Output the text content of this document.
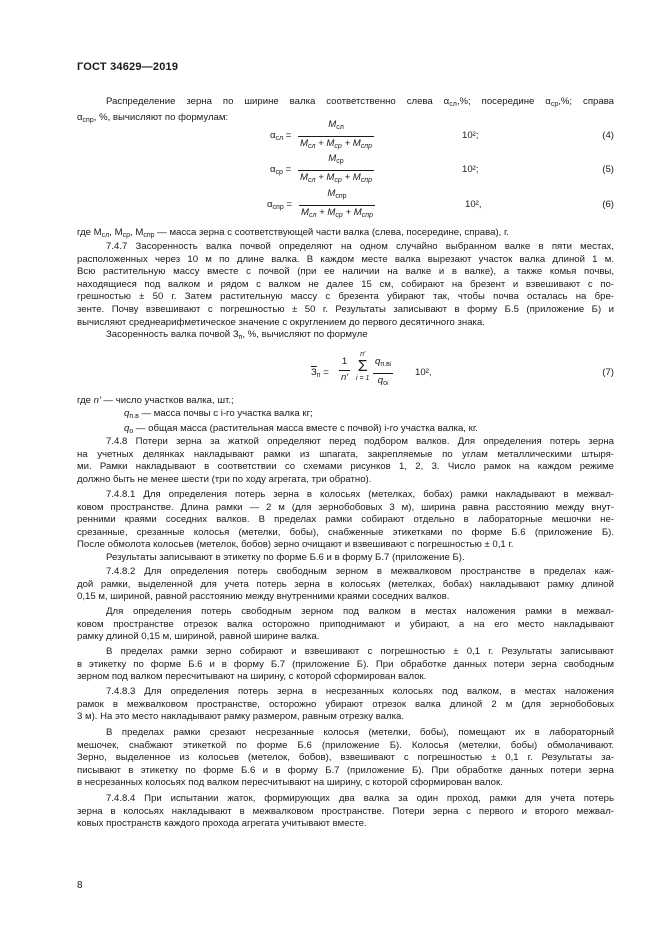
ГОСТ 34629—2019
Распределение зерна по ширине валка соответственно слева $\alpha_{сл},\%$; посередине $\alpha_{ср},\%$; справа
$\alpha_{спр}$, %, вычисляют по формулам:
$\alpha_{сл}$ =
$M_{сл}$
$M_{сл} + M_{ср} + M_{спр}$
10²;	(4)
$\alpha_{ср}$ =
$M_{ср}$
$M_{сл} + M_{ср} + M_{спр}$
10²;	(5)
$\alpha_{спр}$ =
$M_{спр}$
$M_{сл} + M_{ср} + M_{спр}$
10²,	(6)
где $M_{сл}$, $M_{ср}$, $M_{спр}$ — масса зерна с соответствующей части валка (слева, посередине, справа), г.
7.4.7 Засоренность валка почвой определяют на одном случайно выбранном валке в пяти местах,
расположенных через 10 м по длине валка. В каждом месте валка вырезают участок валка длиной 1 м.
Всю растительную массу вместе с почвой (при ее наличии на валке и в валке), а также комья почвы,
находящиеся под валком и рядом с валком не далее 15 см, собирают на брезент и взвешивают с по-
грешностью ± 50 г. Затем растительную массу с брезента убирают так, чтобы почва осталась на бре-
зенте. Почву взвешивают с погрешностью ± 50 г. Результаты записывают в форму Б.5 (приложение Б) и
вычисляют среднеарифметическое значение с округлением до первого десятичного знака.
Засоренность валка почвой $З_п$, %, вычисляют по формуле
$З_п$ =
1
n′
n′
Σ
i = 1
$q_{п.вi}$
$q_{оi}$
10²,	(7)
где n′ — число участков валка, шт.;
$q_{п.в}$ — масса почвы с i-го участка валка кг;
$q_о$ — общая масса (растительная масса вместе с почвой) i-го участка валка, кг.
7.4.8 Потери зерна за жаткой определяют перед подбором валков. Для определения потерь зерна
на учетных делянках накладывают рамки из шпагата, закрепляемые по углам металлическими штыря-
ми. Рамки накладывают в соответствии со схемами рисунков 1, 2, 3. Число рамок на каждом режиме
должно быть не менее шести (три по ходу агрегата, три обратно).
7.4.8.1 Для определения потерь зерна в колосьях (метелках, бобах) рамки накладывают в межвал-
ковом пространстве. Длина рамки — 2 м (для зернобобовых 3 м), ширина равна расстоянию между внут-
ренними краями соседних валков. В пределах рамки собирают отдельно в лабораторные мешочки не-
срезанные, срезанные колосья (метелки, бобы), снабженные этикетками по форме Б.6 (приложение Б).
После обмолота колосьев (метелок, бобов) зерно очищают и взвешивают с погрешностью ± 0,1 г.
Результаты записывают в этикетку по форме Б.6 и в форму Б.7 (приложение Б).
7.4.8.2 Для определения потерь свободным зерном в межвалковом пространстве в пределах каж-
дой рамки, выделенной для учета потерь зерна в колосьях (метелках, бобах) накладывают рамку длиной
0,15 м, шириной, равной расстоянию между внутренними краями соседних валков.
Для определения потерь свободным зерном под валком в местах наложения рамки в межвал-
ковом пространстве отрезок валка осторожно приподнимают и убирают, а на его место накладывают
рамку длиной 0,15 м, шириной, равной ширине валка.
В пределах рамки зерно собирают и взвешивают с погрешностью ± 0,1 г. Результаты записывают
в этикетку по форме Б.6 и в форму Б.7 (приложение Б). При обработке данных потери зерна свободным
зерном под валком пересчитывают на ширину, с которой сформирован валок.
7.4.8.3 Для определения потерь зерна в несрезанных колосьях под валком, в местах наложения
рамок в межвалковом пространстве, осторожно убирают отрезок валка длиной 2 м (для зернобобовых
3 м). На это место накладывают рамку размером, равным отрезку валка.
В пределах рамки срезают несрезанные колосья (метелки, бобы), помещают их в лабораторный
мешочек, снабжают этикеткой по форме Б.6 (приложение Б). Колосья (метелки, бобы) обмолачивают.
Зерно, выделенное из колосьев (метелок, бобов), взвешивают с погрешностью ± 0,1 г. Результаты за-
писывают в этикетку по форме Б.6 и в форму Б.7 (приложение Б). При обработке данных потери зерна
в несрезанных колосьях под валком пересчитывают на ширину, с которой сформирован валок.
7.4.8.4 При испытании жаток, формирующих два валка за один проход, рамки для учета потерь
зерна в колосьях накладывают в межвалковом пространстве. Потери зерна с первого и второго межвал-
ковых пространств каждого прохода агрегата учитывают вместе.
8
